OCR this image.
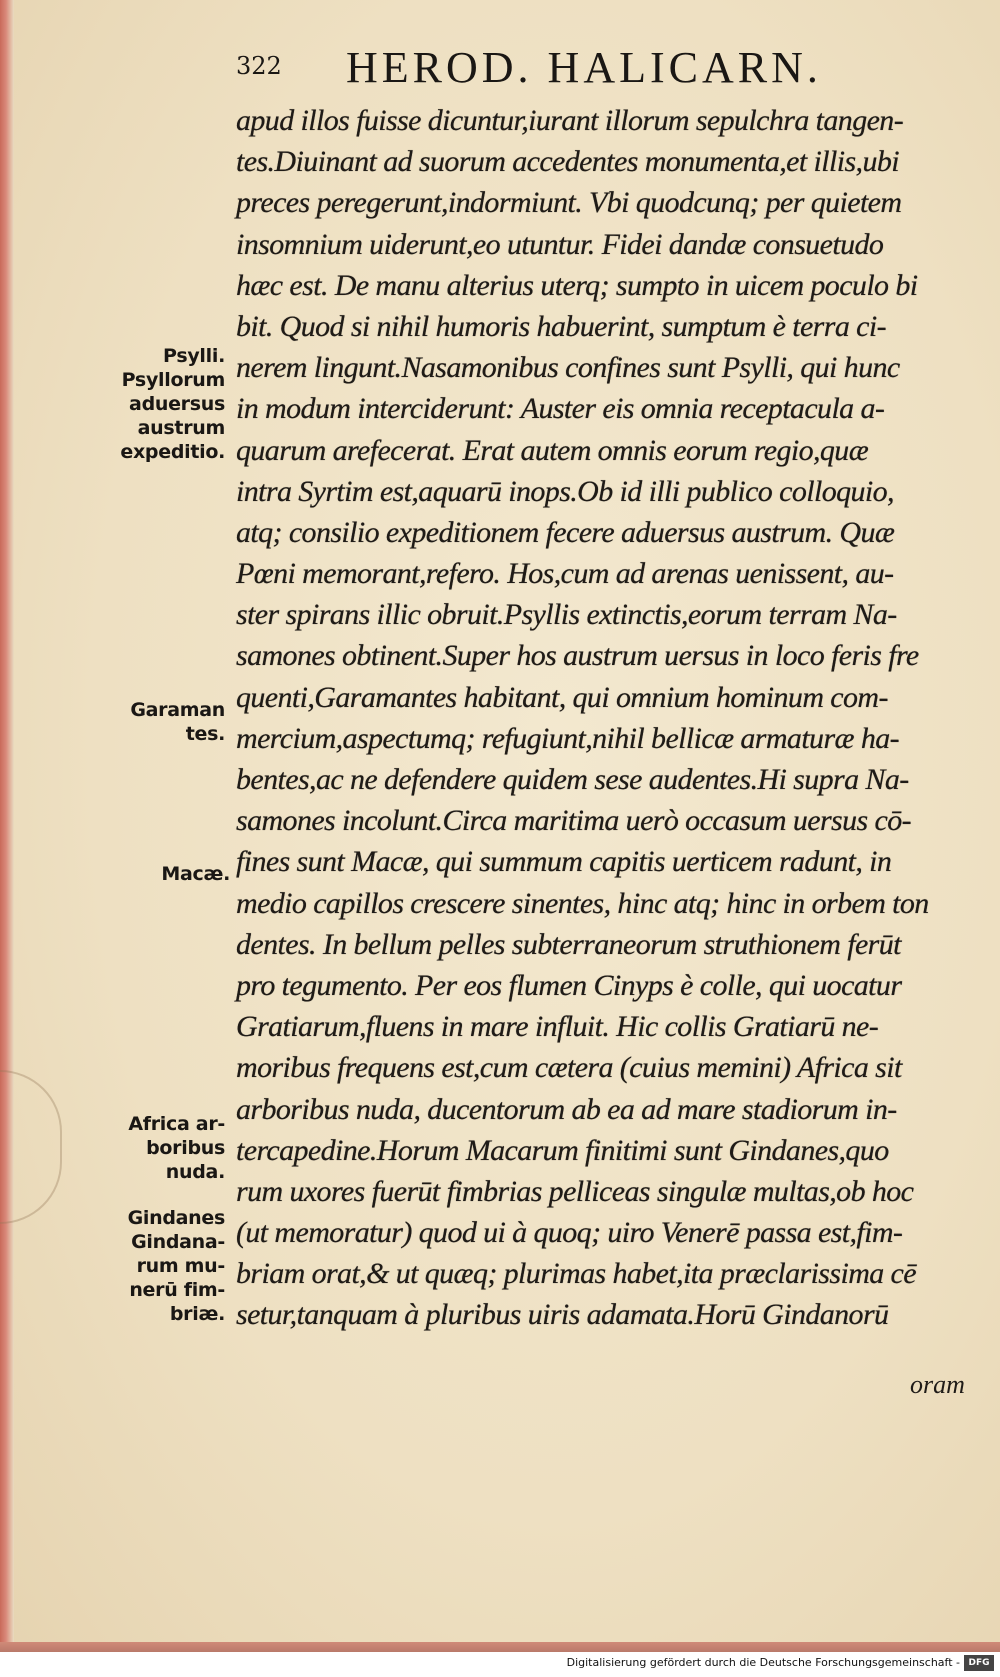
322 HEROD. HALICARN.
apud illos fuisse dicuntur,iurant illorum sepulchra tangen-
tes.Diuinant ad suorum accedentes monumenta,et illis,ubi
preces peregerunt,indormiunt. Vbi quodcunq; per quietem
insomnium uiderunt,eo utuntur. Fidei dandæ consuetudo
hæc est. De manu alterius uterq; sumpto in uicem poculo bi
bit. Quod si nihil humoris habuerint, sumptum è terra ci-
nerem lingunt.Nasamonibus confines sunt Psylli, qui hunc
in modum interciderunt: Auster eis omnia receptacula a-
quarum arefecerat. Erat autem omnis eorum regio,quæ
intra Syrtim est,aquarū inops.Ob id illi publico colloquio,
atq; consilio expeditionem fecere aduersus austrum. Quæ
Pœni memorant,refero. Hos,cum ad arenas uenissent, au-
ster spirans illic obruit.Psyllis extinctis,eorum terram Na-
samones obtinent.Super hos austrum uersus in loco feris fre
quenti,Garamantes habitant, qui omnium hominum com-
mercium,aspectumq; refugiunt,nihil bellicæ armaturæ ha-
bentes,ac ne defendere quidem sese audentes.Hi supra Na-
samones incolunt.Circa maritima uerò occasum uersus cō-
fines sunt Macæ, qui summum capitis uerticem radunt, in
medio capillos crescere sinentes, hinc atq; hinc in orbem ton
dentes. In bellum pelles subterraneorum struthionem ferūt
pro tegumento. Per eos flumen Cinyps è colle, qui uocatur
Gratiarum,fluens in mare influit. Hic collis Gratiarū ne-
moribus frequens est,cum cætera (cuius memini) Africa sit
arboribus nuda, ducentorum ab ea ad mare stadiorum in-
tercapedine.Horum Macarum finitimi sunt Gindanes,quo
rum uxores fuerūt fimbrias pelliceas singulæ multas,ob hoc
(ut memoratur) quod ui à quoq; uiro Venerē passa est,fim-
briam orat,& ut quæq; plurimas habet,ita præclarissima cē
setur,tanquam à pluribus uiris adamata.Horū Gindanorū
oram
Psylli.
Psyllorum
aduersus
austrum
expeditio.
Garaman
tes.
Macæ.
Africa ar-
boribus
nuda.
Gindanes
Gindana-
rum mu-
nerū fim-
briæ.
Digitalisierung gefördert durch die Deutsche Forschungsgemeinschaft - DFG
